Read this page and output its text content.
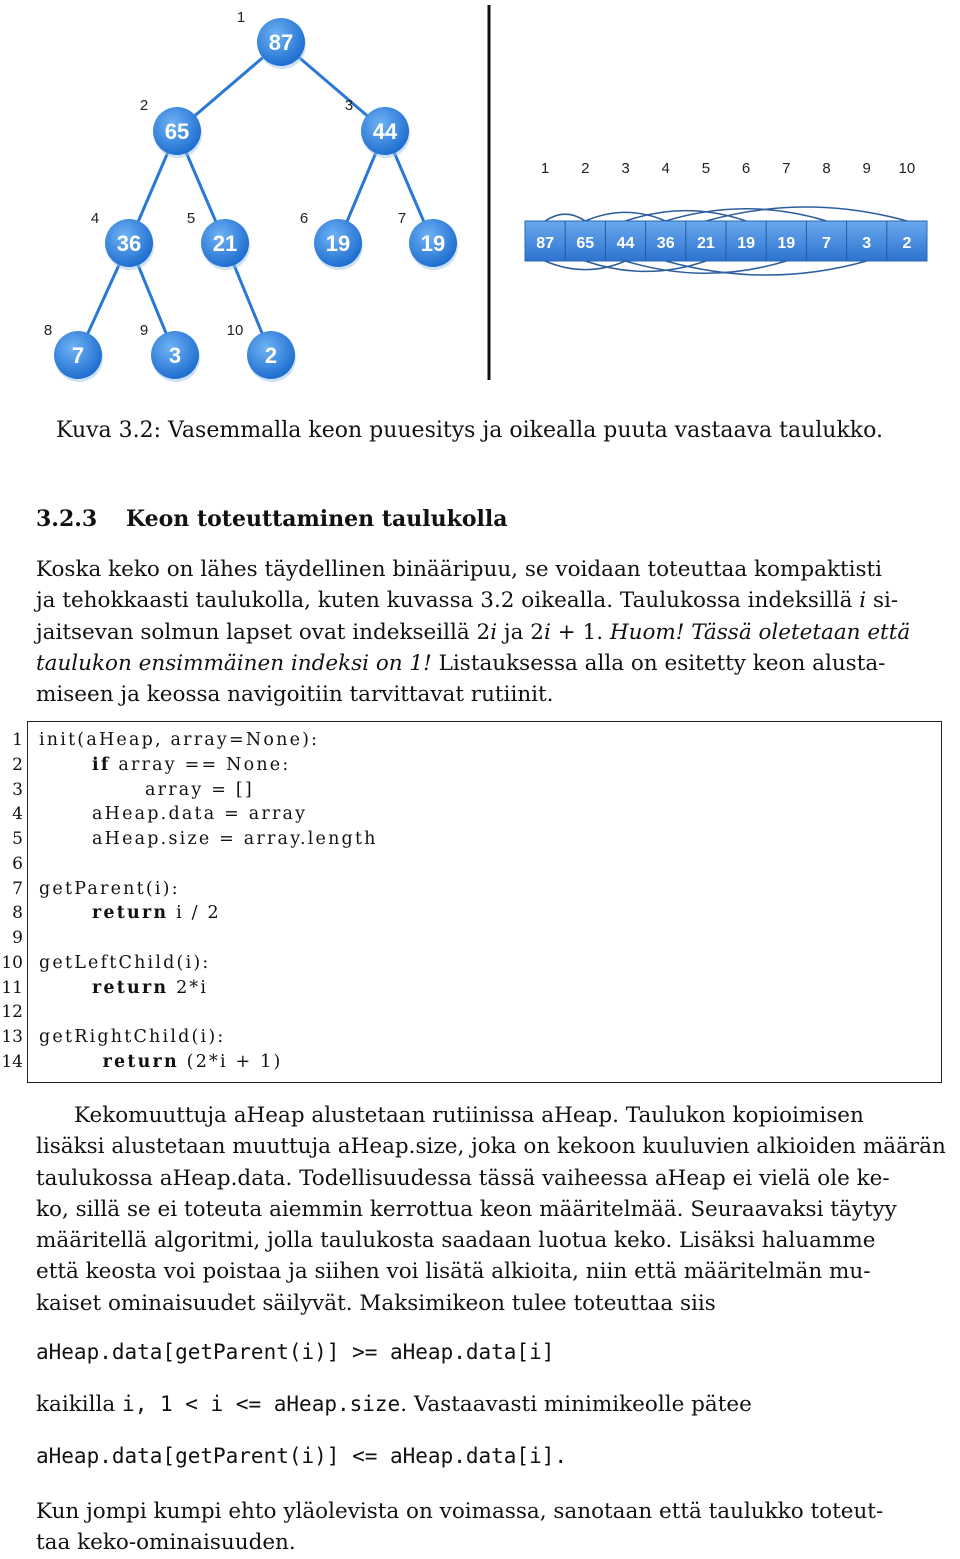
87
1
65
2
44
3
36
4
21
5
19
6
19
7
7
8
3
9
2
10
87 65 44 36 21 19 19 7 3 2
1 2 3 4 5 6 7 8 9 10
Kuva 3.2: Vasemmalla keon puuesitys ja oikealla puuta vastaava taulukko.
3.2.3 Keon toteuttaminen taulukolla
Koska keko on lähes täydellinen binääripuu, se voidaan toteuttaa kompaktisti
ja tehokkaasti taulukolla, kuten kuvassa 3.2 oikealla. Taulukossa indeksillä i si-
jaitsevan solmun lapset ovat indekseillä 2i ja 2i + 1. Huom! Tässä oletetaan että
taulukon ensimmäinen indeksi on 1! Listauksessa alla on esitetty keon alusta-
miseen ja keossa navigoitiin tarvittavat rutiinit.
1 init(aHeap, array=None):
2	if array == None:
3	array = []
4	aHeap.data = array
5	aHeap.size = array.length
6
7 getParent(i):
8	return i / 2
9
10 getLeftChild(i):
11	return 2*i
12
13 getRightChild(i):
14	return (2*i + 1)
Kekomuuttuja aHeap alustetaan rutiinissa aHeap. Taulukon kopioimisen
lisäksi alustetaan muuttuja aHeap.size, joka on kekoon kuuluvien alkioiden määrän
taulukossa aHeap.data. Todellisuudessa tässä vaiheessa aHeap ei vielä ole ke-
ko, sillä se ei toteuta aiemmin kerrottua keon määritelmää. Seuraavaksi täytyy
määritellä algoritmi, jolla taulukosta saadaan luotua keko. Lisäksi haluamme
että keosta voi poistaa ja siihen voi lisätä alkioita, niin että määritelmän mu-
kaiset ominaisuudet säilyvät. Maksimikeon tulee toteuttaa siis
aHeap.data[getParent(i)] >= aHeap.data[i]
kaikilla i, 1 < i <= aHeap.size. Vastaavasti minimikeolle pätee
aHeap.data[getParent(i)] <= aHeap.data[i].
Kun jompi kumpi ehto yläolevista on voimassa, sanotaan että taulukko toteut-
taa keko-ominaisuuden.
